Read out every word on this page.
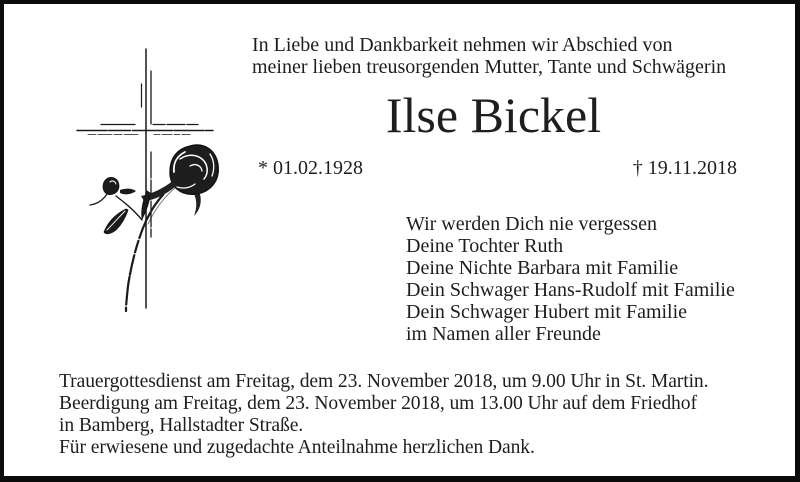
In Liebe und Dankbarkeit nehmen wir Abschied von
meiner lieben treusorgenden Mutter, Tante und Schwägerin
Ilse Bickel
* 01.02.1928	† 19.11.2018
Wir werden Dich nie vergessen
Deine Tochter Ruth
Deine Nichte Barbara mit Familie
Dein Schwager Hans-Rudolf mit Familie
Dein Schwager Hubert mit Familie
im Namen aller Freunde
Trauergottesdienst am Freitag, dem 23. November 2018, um 9.00 Uhr in St. Martin.
Beerdigung am Freitag, dem 23. November 2018, um 13.00 Uhr auf dem Friedhof
in Bamberg, Hallstadter Straße.
Für erwiesene und zugedachte Anteilnahme herzlichen Dank.
